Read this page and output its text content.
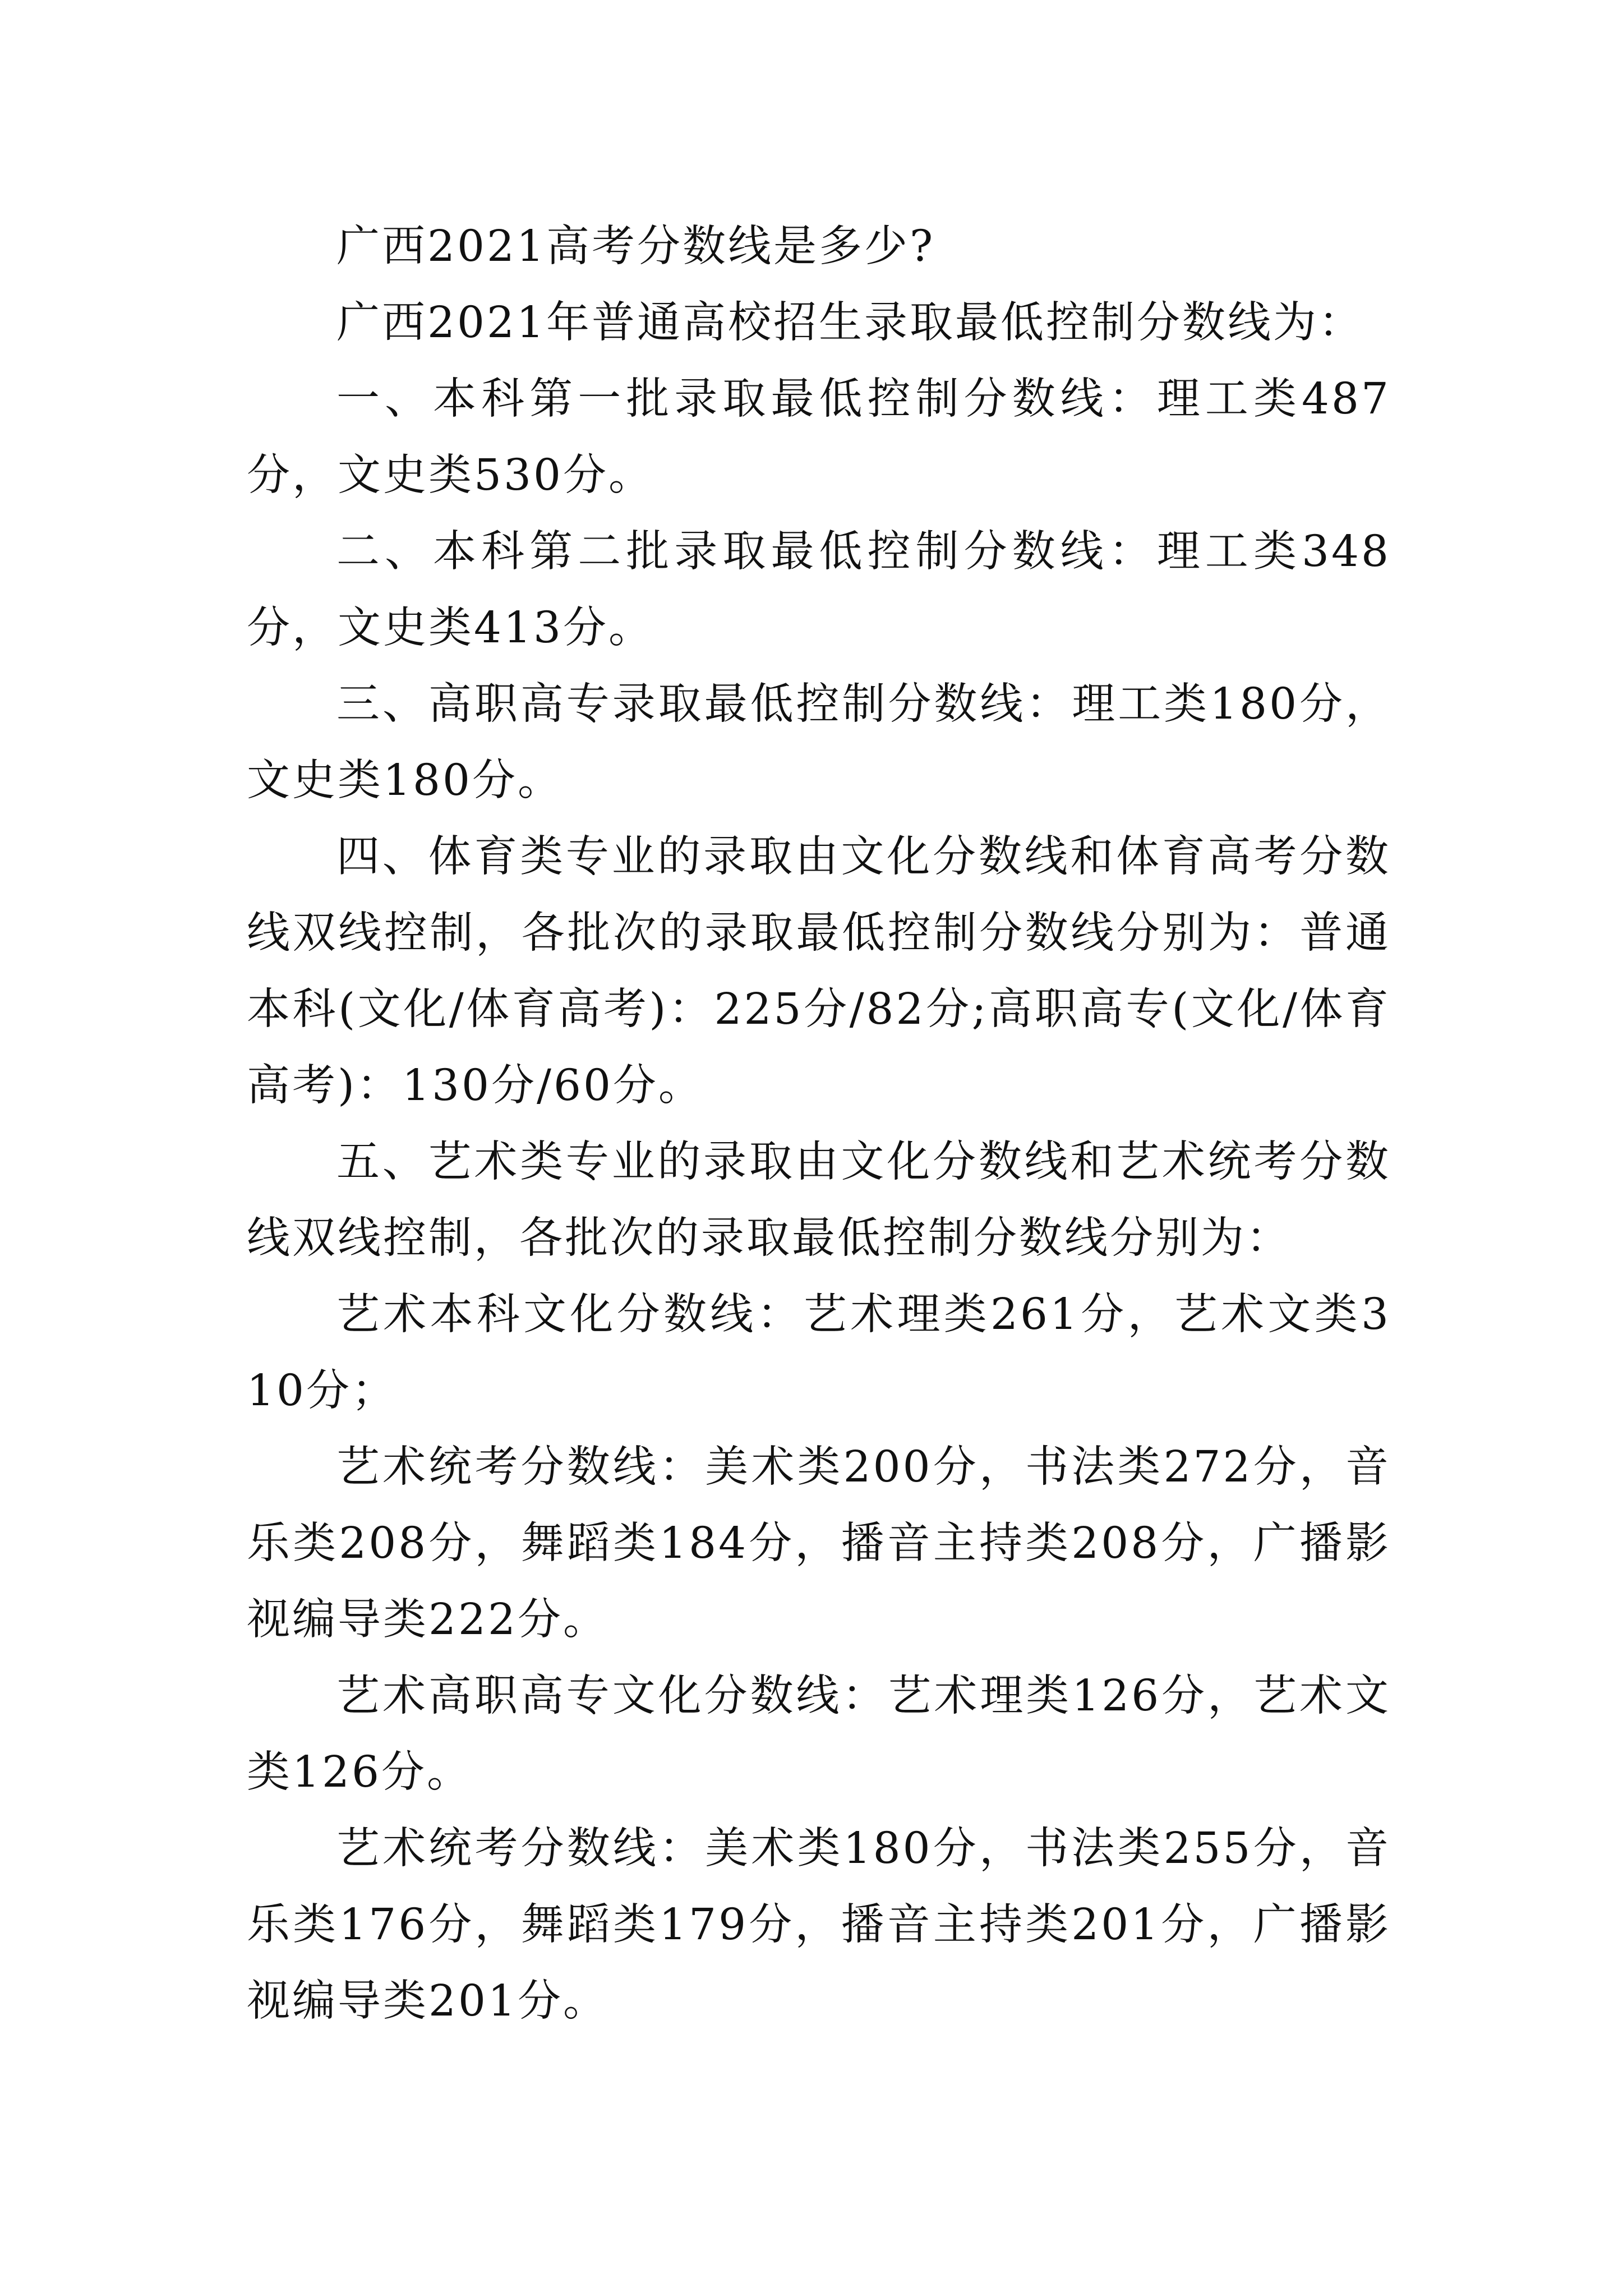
广西2021高考分数线是多少?

广西2021年普通高校招生录取最低控制分数线为：

一、本科第一批录取最低控制分数线：理工类487分，文史类530分。

二、本科第二批录取最低控制分数线：理工类348分，文史类413分。

三、高职高专录取最低控制分数线：理工类180分，文史类180分。

四、体育类专业的录取由文化分数线和体育高考分数线双线控制，各批次的录取最低控制分数线分别为：普通本科(文化/体育高考)：225分/82分;高职高专(文化/体育高考)：130分/60分。

五、艺术类专业的录取由文化分数线和艺术统考分数线双线控制，各批次的录取最低控制分数线分别为：

艺术本科文化分数线：艺术理类261分，艺术文类310分；

艺术统考分数线：美术类200分，书法类272分，音乐类208分，舞蹈类184分，播音主持类208分，广播影视编导类222分。

艺术高职高专文化分数线：艺术理类126分，艺术文类126分。

艺术统考分数线：美术类180分，书法类255分，音乐类176分，舞蹈类179分，播音主持类201分，广播影视编导类201分。
